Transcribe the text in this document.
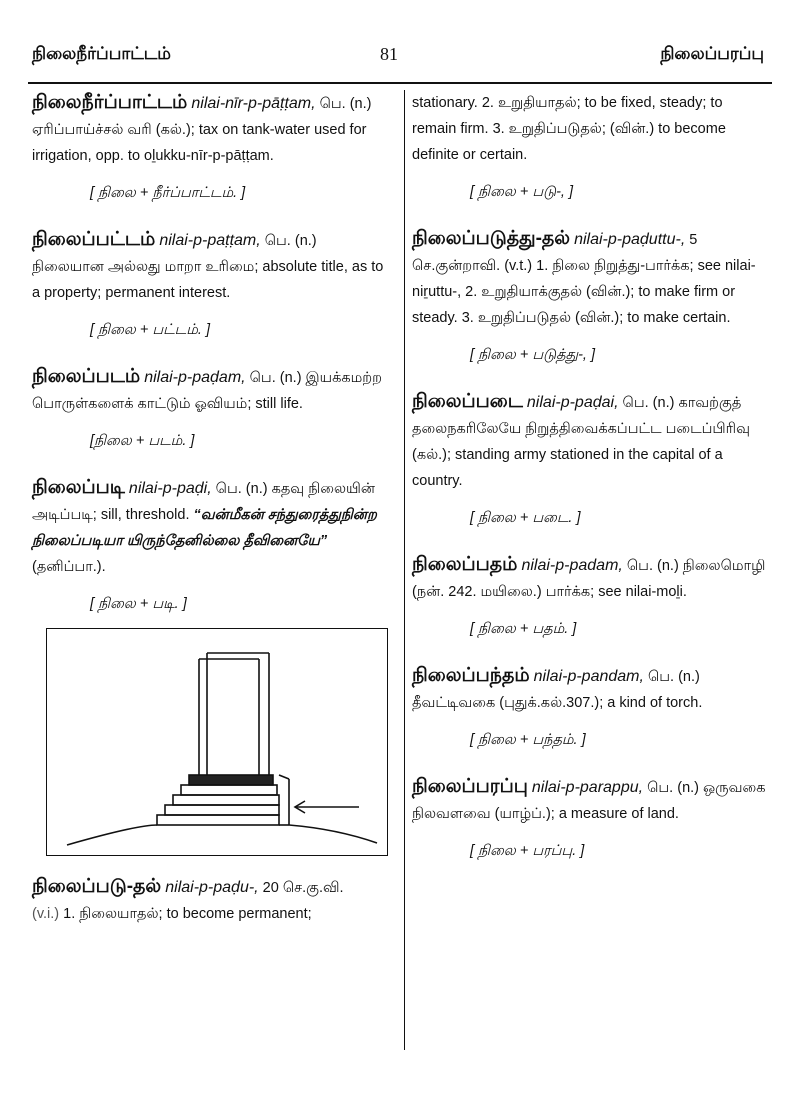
நிலைநீர்ப்பாட்டம்	81	நிலைப்பரப்பு
நிலைநீர்ப்பாட்டம் nilai-nīr-p-pāṭṭam, பெ. (n.) ஏரிப்பாய்ச்சல் வரி (கல்.); tax on tank-water used for irrigation, opp. to oḻukku-nīr-p-pāṭṭam.
[ நிலை + நீர்ப்பாட்டம். ]
நிலைப்பட்டம் nilai-p-paṭṭam, பெ. (n.) நிலையான அல்லது மாறா உரிமை; absolute title, as to a property; permanent interest.
[ நிலை + பட்டம். ]
நிலைப்படம் nilai-p-paḍam, பெ. (n.) இயக்கமற்ற பொருள்களைக் காட்டும் ஓவியம்; still life.
[நிலை + படம். ]
நிலைப்படி nilai-p-paḍi, பெ. (n.) கதவு நிலையின் அடிப்படி; sill, threshold. “வன்மீகன் சந்துரைத்துநின்ற நிலைப்படியா யிருந்தேனில்லை தீவினையே” (தனிப்பா.).
[ நிலை + படி. ]
நிலைப்படு-தல் nilai-p-paḍu-, 20 செ.கு.வி.
(v.i.) 1. நிலையாதல்; to become permanent;
stationary. 2. உறுதியாதல்; to be fixed, steady; to remain firm. 3. உறுதிப்படுதல்; (வின்.) to become definite or certain.
[ நிலை + படு-, ]
நிலைப்படுத்து-தல் nilai-p-paḍuttu-, 5 செ.குன்றாவி. (v.t.) 1. நிலை நிறுத்து-பார்க்க; see nilai-niṟuttu-, 2. உறுதியாக்குதல் (வின்.); to make firm or steady. 3. உறுதிப்படுதல் (வின்.); to make certain.
[ நிலை + படுத்து-, ]
நிலைப்படை nilai-p-paḍai, பெ. (n.) காவற்குத் தலைநகரிலேயே நிறுத்திவைக்கப்பட்ட படைப்பிரிவு (கல்.); standing army stationed in the capital of a country.
[ நிலை + படை. ]
நிலைப்பதம் nilai-p-padam, பெ. (n.) நிலைமொழி (நன். 242. மயிலை.) பார்க்க; see nilai-moḻi.
[ நிலை + பதம். ]
நிலைப்பந்தம் nilai-p-pandam, பெ. (n.) தீவட்டிவகை (புதுக்.கல்.307.); a kind of torch.
[ நிலை + பந்தம். ]
நிலைப்பரப்பு nilai-p-parappu, பெ. (n.) ஒருவகை நிலவளவை (யாழ்ப்.); a measure of land.
[ நிலை + பரப்பு. ]
